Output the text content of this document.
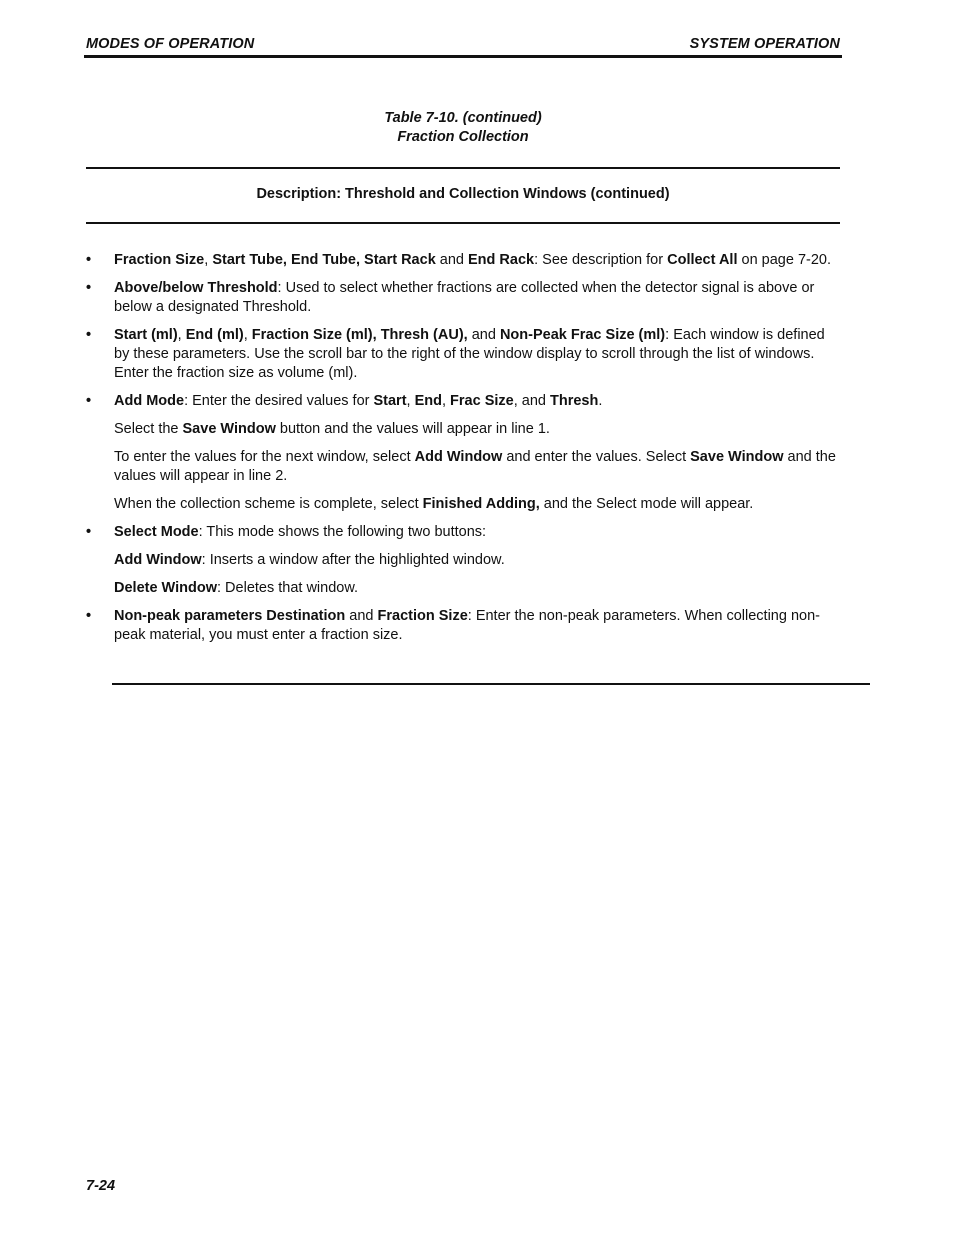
MODES OF OPERATION	SYSTEM OPERATION
Table 7-10. (continued)
Fraction Collection
Description: Threshold and Collection Windows (continued)
• Fraction Size, Start Tube, End Tube, Start Rack and End Rack: See description for Collect All on page 7-20.
• Above/below Threshold: Used to select whether fractions are collected when the detector signal is above or below a designated Threshold.
• Start (ml), End (ml), Fraction Size (ml), Thresh (AU), and Non-Peak Frac Size (ml): Each window is defined by these parameters. Use the scroll bar to the right of the window display to scroll through the list of windows. Enter the fraction size as volume (ml).
• Add Mode: Enter the desired values for Start, End, Frac Size, and Thresh.
Select the Save Window button and the values will appear in line 1.
To enter the values for the next window, select Add Window and enter the values. Select Save Window and the values will appear in line 2.
When the collection scheme is complete, select Finished Adding, and the Select mode will appear.
• Select Mode: This mode shows the following two buttons:
Add Window: Inserts a window after the highlighted window.
Delete Window: Deletes that window.
• Non-peak parameters Destination and Fraction Size: Enter the non-peak parameters. When collecting non-peak material, you must enter a fraction size.
7-24
